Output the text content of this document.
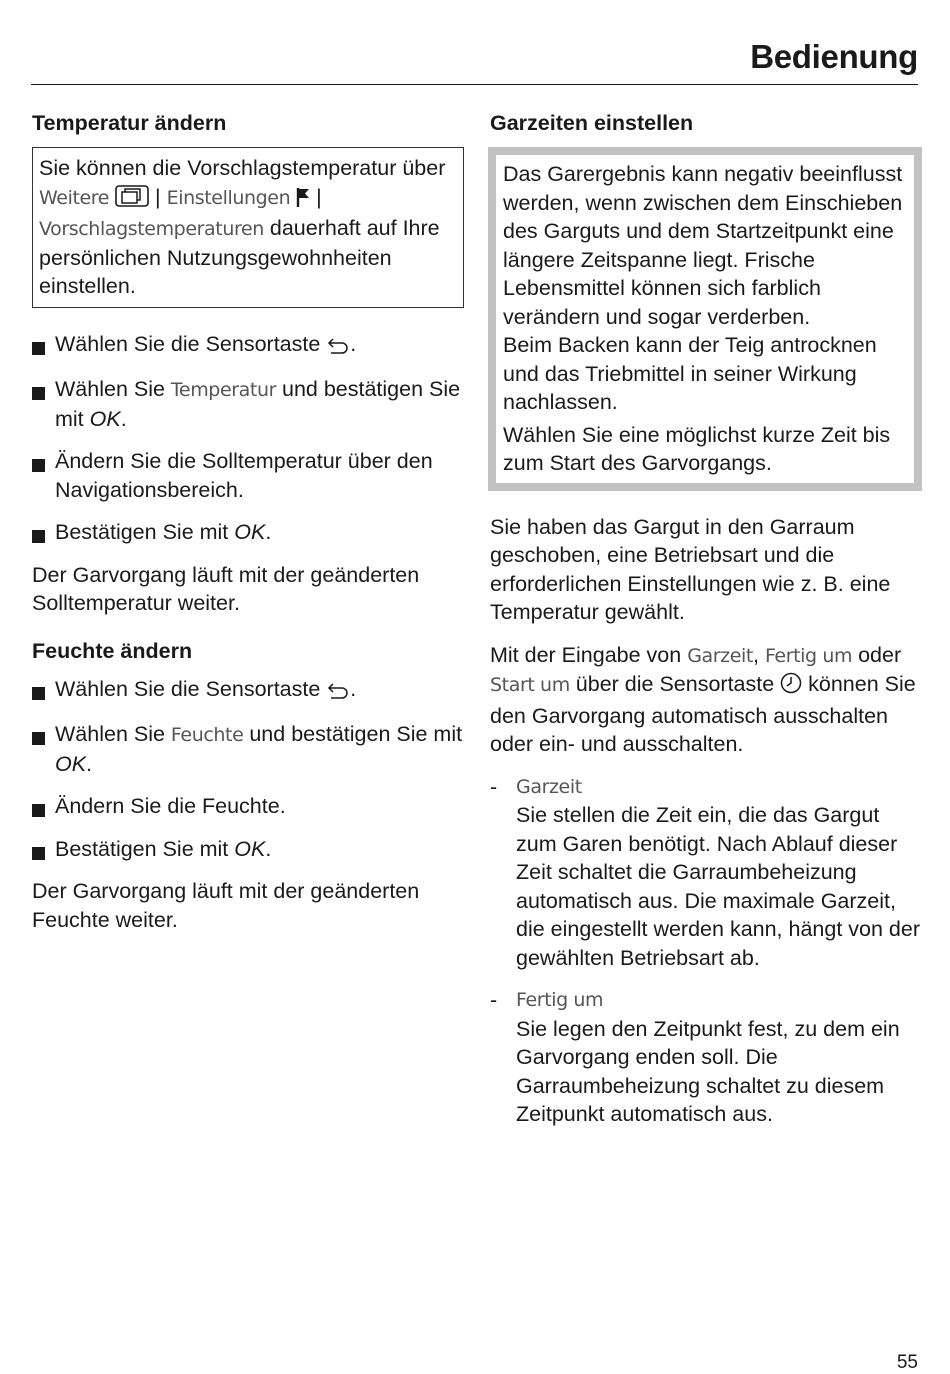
Bedienung
Temperatur ändern
Sie können die Vorschlagstemperatur über Weitere  | Einstellungen  | Vorschlagstemperaturen dauerhaft auf Ihre persönlichen Nutzungsgewohnheiten einstellen.
Wählen Sie die Sensortaste .
Wählen Sie Temperatur und bestätigen Sie mit OK.
Ändern Sie die Solltemperatur über den Navigationsbereich.
Bestätigen Sie mit OK.

Der Garvorgang läuft mit der geänderten Solltemperatur weiter.

Feuchte ändern
Wählen Sie die Sensortaste .
Wählen Sie Feuchte und bestätigen Sie mit OK.
Ändern Sie die Feuchte.
Bestätigen Sie mit OK.

Der Garvorgang läuft mit der geänderten Feuchte weiter.

Garzeiten einstellen

Das Garergebnis kann negativ beeinflusst werden, wenn zwischen dem Einschieben des Garguts und dem Startzeitpunkt eine längere Zeitspanne liegt. Frische Lebensmittel können sich farblich verändern und sogar verderben.

Beim Backen kann der Teig antrocknen und das Triebmittel in seiner Wirkung nachlassen.

Wählen Sie eine möglichst kurze Zeit bis zum Start des Garvorgangs.

Sie haben das Gargut in den Garraum geschoben, eine Betriebsart und die erforderlichen Einstellungen wie z. B. eine Temperatur gewählt.

Mit der Eingabe von Garzeit, Fertig um oder Start um über die Sensortaste  können Sie den Garvorgang automatisch ausschalten oder ein- und ausschalten.

- Garzeit
Sie stellen die Zeit ein, die das Gargut zum Garen benötigt. Nach Ablauf dieser Zeit schaltet die Garraumbeheizung automatisch aus. Die maximale Garzeit, die eingestellt werden kann, hängt von der gewählten Betriebsart ab.
- Fertig um
Sie legen den Zeitpunkt fest, zu dem ein Garvorgang enden soll. Die Garraumbeheizung schaltet zu diesem Zeitpunkt automatisch aus.
55
